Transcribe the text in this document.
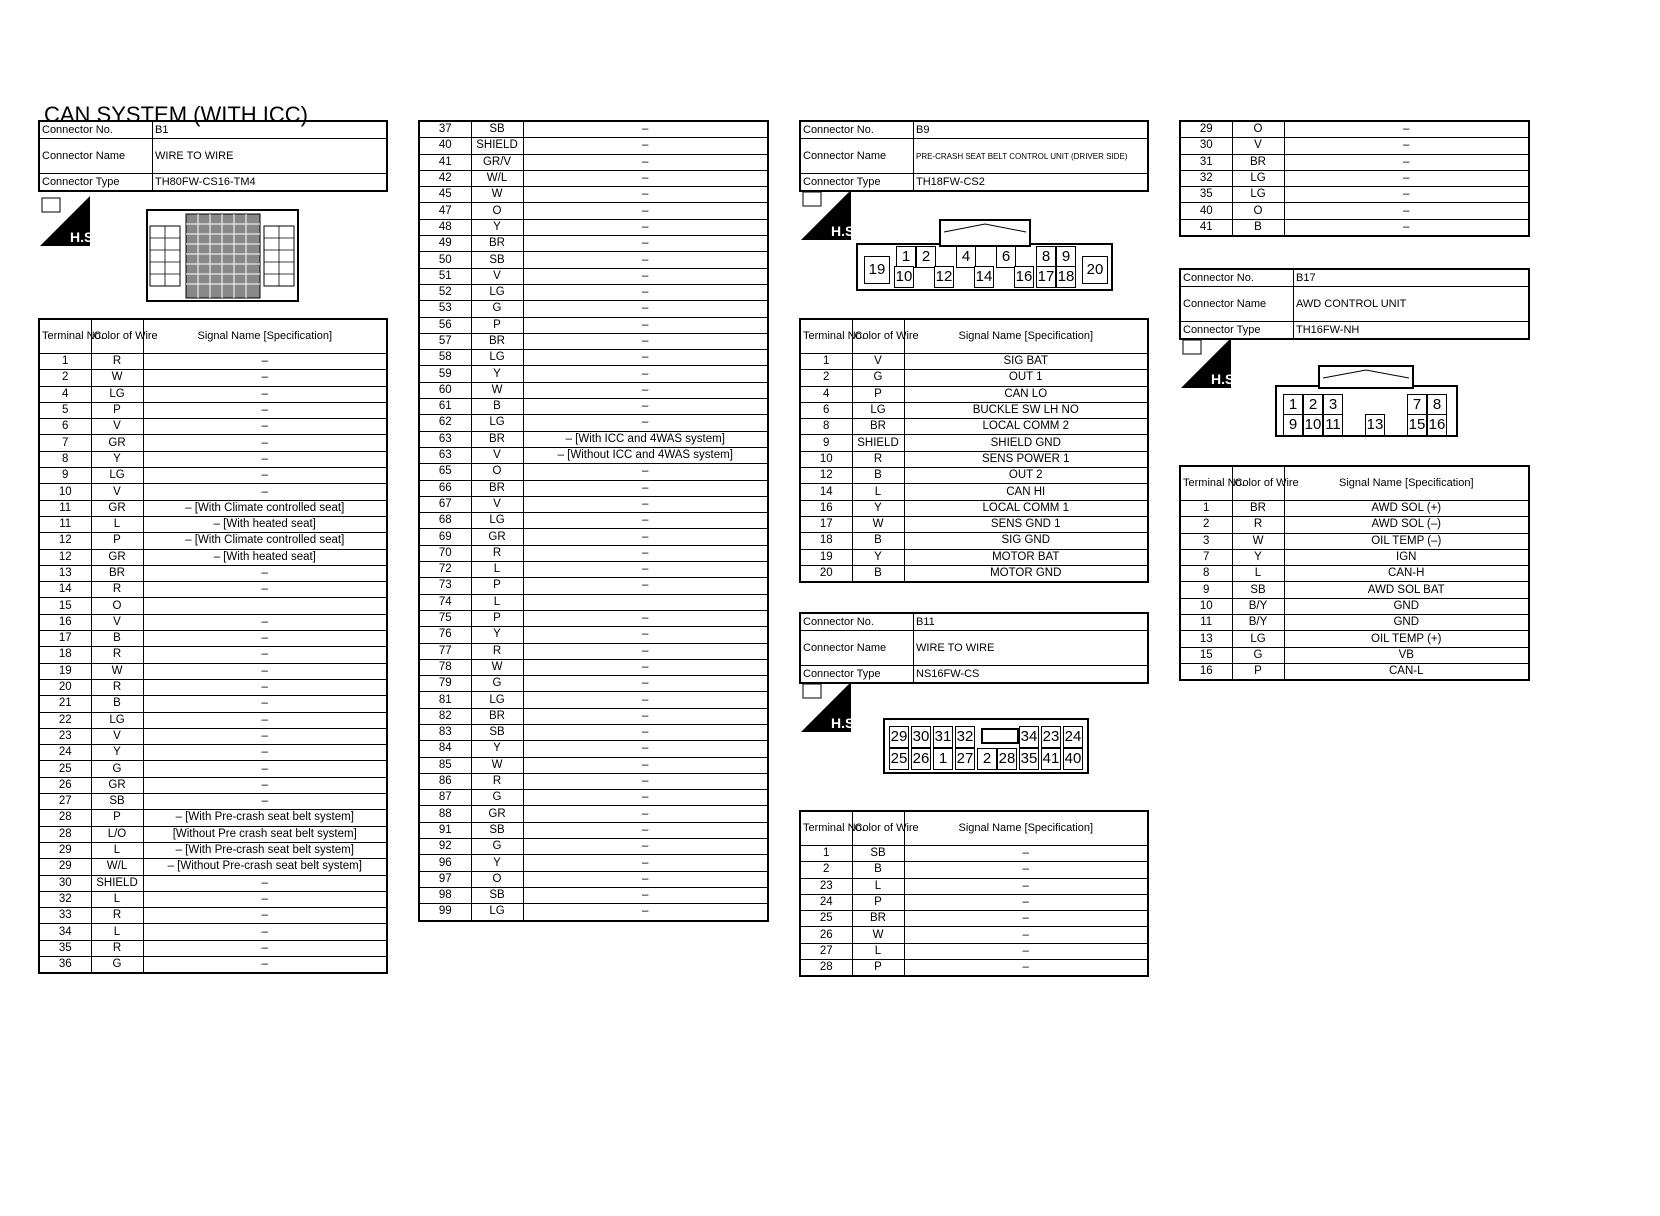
CAN SYSTEM (WITH ICC)
Connector No.	B1
Connector Name	WIRE TO WIRE
Connector Type	TH80FW-CS16-TM4
H.S.
Terminal No.	Color of Wire	Signal Name [Specification]
1	R	–
2	W	–
4	LG	–
5	P	–
6	V	–
7	GR	–
8	Y	–
9	LG	–
10	V	–
11	GR	– [With Climate controlled seat]
11	L	– [With heated seat]
12	P	– [With Climate controlled seat]
12	GR	– [With heated seat]
13	BR	–
14	R	–
15	O	
16	V	–
17	B	–
18	R	–
19	W	–
20	R	–
21	B	–
22	LG	–
23	V	–
24	Y	–
25	G	–
26	GR	–
27	SB	–
28	P	– [With Pre-crash seat belt system]
28	L/O	[Without Pre crash seat belt system]
29	L	– [With Pre-crash seat belt system]
29	W/L	– [Without Pre-crash seat belt system]
30	SHIELD	–
32	L	–
33	R	–
34	L	–
35	R	–
36	G	–
37	SB	–
40	SHIELD	–
41	GR/V	–
42	W/L	–
45	W	–
47	O	–
48	Y	–
49	BR	–
50	SB	–
51	V	–
52	LG	–
53	G	–
56	P	–
57	BR	–
58	LG	–
59	Y	–
60	W	–
61	B	–
62	LG	–
63	BR	– [With ICC and 4WAS system]
63	V	– [Without ICC and 4WAS system]
65	O	–
66	BR	–
67	V	–
68	LG	–
69	GR	–
70	R	–
72	L	–
73	P	–
74	L	
75	P	–
76	Y	–
77	R	–
78	W	–
79	G	–
81	LG	–
82	BR	–
83	SB	–
84	Y	–
85	W	–
86	R	–
87	G	–
88	GR	–
91	SB	–
92	G	–
96	Y	–
97	O	–
98	SB	–
99	LG	–
Connector No.	B9
Connector Name	PRE-CRASH SEAT BELT CONTROL UNIT (DRIVER SIDE)
Connector Type	TH18FW-CS2
H.S.
1 2	4	6	8 9
19 10 12 14 16 17 18 20
Terminal No.	Color of Wire	Signal Name [Specification]
1	V	SIG BAT
2	G	OUT 1
4	P	CAN LO
6	LG	BUCKLE SW LH NO
8	BR	LOCAL COMM 2
9	SHIELD	SHIELD GND
10	R	SENS POWER 1
12	B	OUT 2
14	L	CAN HI
16	Y	LOCAL COMM 1
17	W	SENS GND 1
18	B	SIG GND
19	Y	MOTOR BAT
20	B	MOTOR GND
Connector No.	B11
Connector Name	WIRE TO WIRE
Connector Type	NS16FW-CS
H.S.
29 30 31 32	34 23 24
25 26 1 27 2 28 35 41 40
Terminal No.	Color of Wire	Signal Name [Specification]
1	SB	–
2	B	–
23	L	–
24	P	–
25	BR	–
26	W	–
27	L	–
28	P	–
29	O	–
30	V	–
31	BR	–
32	LG	–
35	LG	–
40	O	–
41	B	–
Connector No.	B17
Connector Name	AWD CONTROL UNIT
Connector Type	TH16FW-NH
H.S.
1 2 3	7 8
9 10 11 13 15 16
Terminal No.	Color of Wire	Signal Name [Specification]
1	BR	AWD SOL (+)
2	R	AWD SOL (–)
3	W	OIL TEMP (–)
7	Y	IGN
8	L	CAN-H
9	SB	AWD SOL BAT
10	B/Y	GND
11	B/Y	GND
13	LG	OIL TEMP (+)
15	G	VB
16	P	CAN-L
